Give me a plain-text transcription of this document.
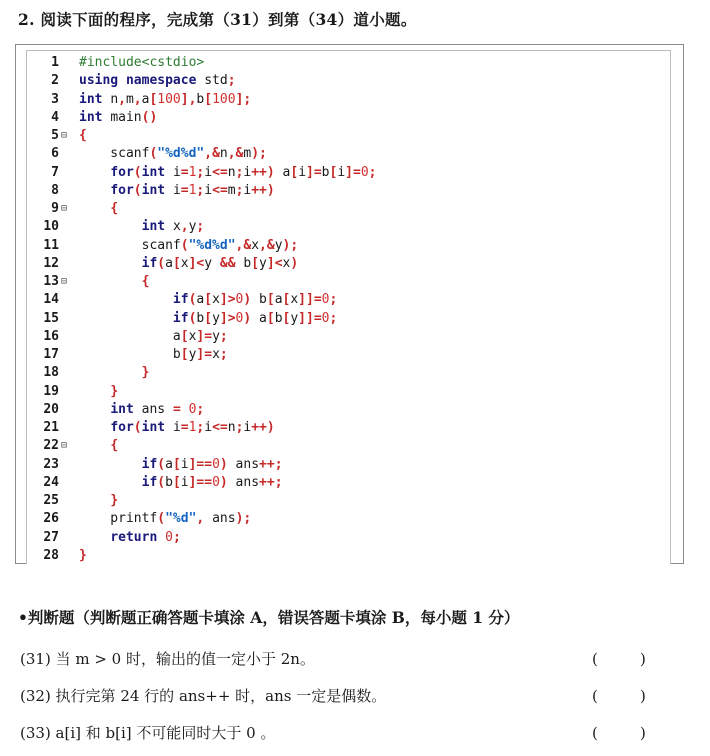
2. 阅读下面的程序，完成第（31）到第（34）道小题。
1 #include<cstdio>
2 using namespace std;
3 int n,m,a[100],b[100];
4 int main()
5 ⊟ {
6 scanf("%d%d",&n,&m);
7	for(int i=1;i<=n;i++) a[i]=b[i]=0;
8	for(int i=1;i<=m;i++)
9 ⊟	{
10	int x,y;
11 scanf("%d%d",&x,&y);
12	if(a[x]<y && b[y]<x)
13 ⊟	{
14	if(a[x]>0) b[a[x]]=0;
15	if(b[y]>0) a[b[y]]=0;
16 a[x]=y;
17 b[y]=x;
18	}
19	}
20	int ans = 0;
21	for(int i=1;i<=n;i++)
22 ⊟	{
23	if(a[i]==0) ans++;
24	if(b[i]==0) ans++;
25	}
26 printf("%d", ans);
27	return 0;
28 }
•判断题（判断题正确答题卡填涂 A，错误答题卡填涂 B，每小题 1 分）
(31) 当 m > 0 时，输出的值一定小于 2n。	(	)
(32) 执行完第 24 行的 ans++ 时，ans 一定是偶数。	(	)
(33) a[i] 和 b[i] 不可能同时大于 0 。	(	)
